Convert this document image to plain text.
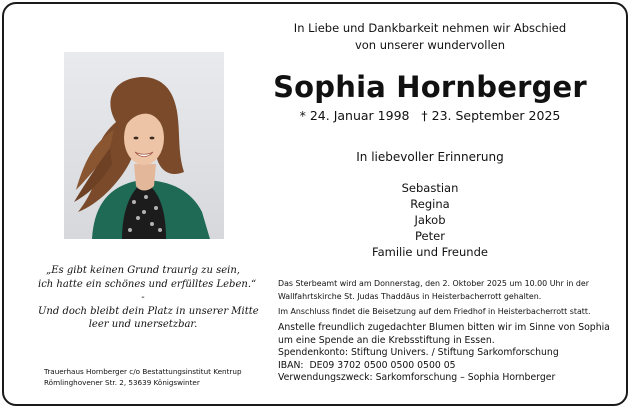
In Liebe und Dankbarkeit nehmen wir Abschied
von unserer wundervollen
Sophia Hornberger
* 24. Januar 1998   † 23. September 2025
In liebevoller Erinnerung
Sebastian
Regina
Jakob
Peter
Familie und Freunde
„Es gibt keinen Grund traurig zu sein,
ich hatte ein schönes und erfülltes Leben.“
-
Und doch bleibt dein Platz in unserer Mitte
leer und unersetzbar.
Trauerhaus Hornberger c/o Bestattungsinstitut Kentrup
Römlinghovener Str. 2, 53639 Königswinter
Das Sterbeamt wird am Donnerstag, den 2. Oktober 2025 um 10.00 Uhr in der
Wallfahrtskirche St. Judas Thaddäus in Heisterbacherrott gehalten.
Im Anschluss findet die Beisetzung auf dem Friedhof in Heisterbacherrott statt.
Anstelle freundlich zugedachter Blumen bitten wir im Sinne von Sophia
um eine Spende an die Krebsstiftung in Essen.
Spendenkonto: Stiftung Univers. / Stiftung Sarkomforschung
IBAN:  DE09 3702 0500 0500 0500 05
Verwendungszweck: Sarkomforschung – Sophia Hornberger
